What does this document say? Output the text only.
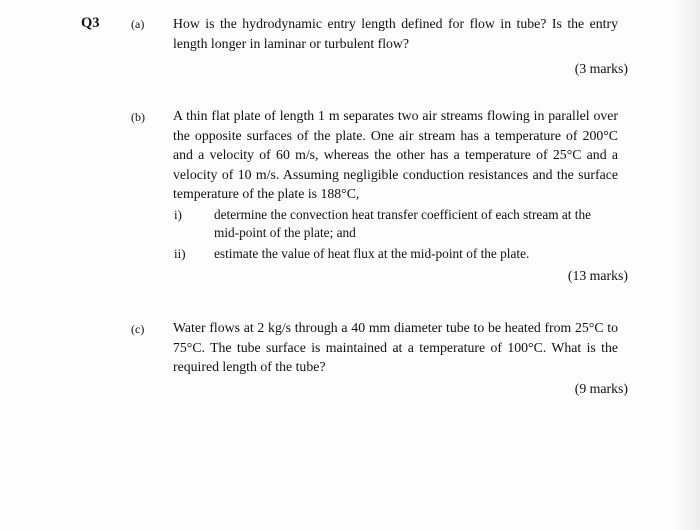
Q3	(a) How is the hydrodynamic entry length defined for flow in tube? Is the entry length longer in laminar or turbulent flow?
(3 marks)
(b) A thin flat plate of length 1 m separates two air streams flowing in parallel over the opposite surfaces of the plate. One air stream has a temperature of 200°C and a velocity of 60 m/s, whereas the other has a temperature of 25°C and a velocity of 10 m/s. Assuming negligible conduction resistances and the surface temperature of the plate is 188°C,
i) determine the convection heat transfer coefficient of each stream at the mid-point of the plate; and
ii) estimate the value of heat flux at the mid-point of the plate.
(13 marks)
(c) Water flows at 2 kg/s through a 40 mm diameter tube to be heated from 25°C to 75°C. The tube surface is maintained at a temperature of 100°C. What is the required length of the tube?
(9 marks)
